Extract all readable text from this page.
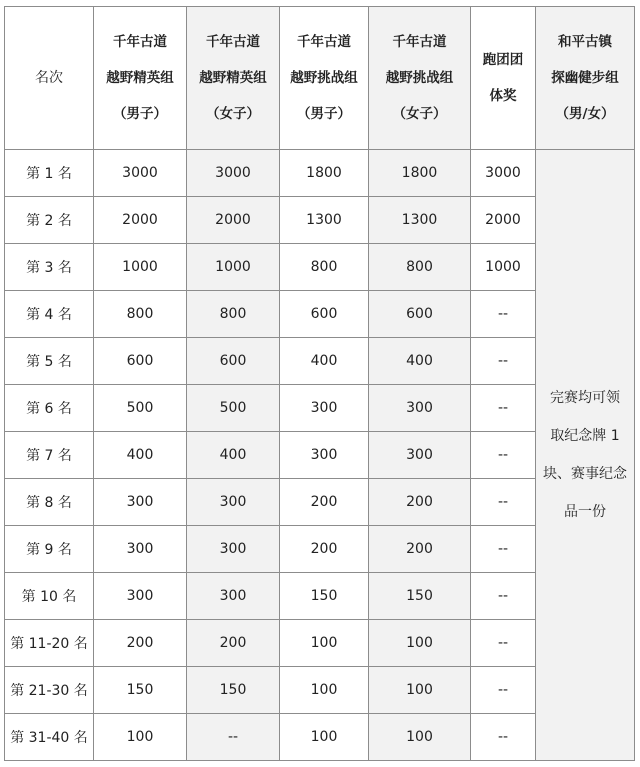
名次	千年古道
越野精英组
（男子）	千年古道
越野精英组
（女子）	千年古道
越野挑战组
（男子）	千年古道
越野挑战组
（女子）	跑团团
体奖	和平古镇
探幽健步组
（男/女）

第 1 名	3000	3000	1800	1800	3000	完赛均可领
取纪念牌 1
块、赛事纪念
品一份

第 2 名	2000	2000	1300	1300	2000	
第 3 名	1000	1000	800	800	1000	
第 4 名	800	800	600	600	--	
第 5 名	600	600	400	400	--	
第 6 名	500	500	300	300	--	
第 7 名	400	400	300	300	--	
第 8 名	300	300	200	200	--	
第 9 名	300	300	200	200	--	
第 10 名	300	300	150	150	--	
第 11-20 名	200	200	100	100	--	
第 21-30 名	150	150	100	100	--	
第 31-40 名	100	--	100	100	--	
